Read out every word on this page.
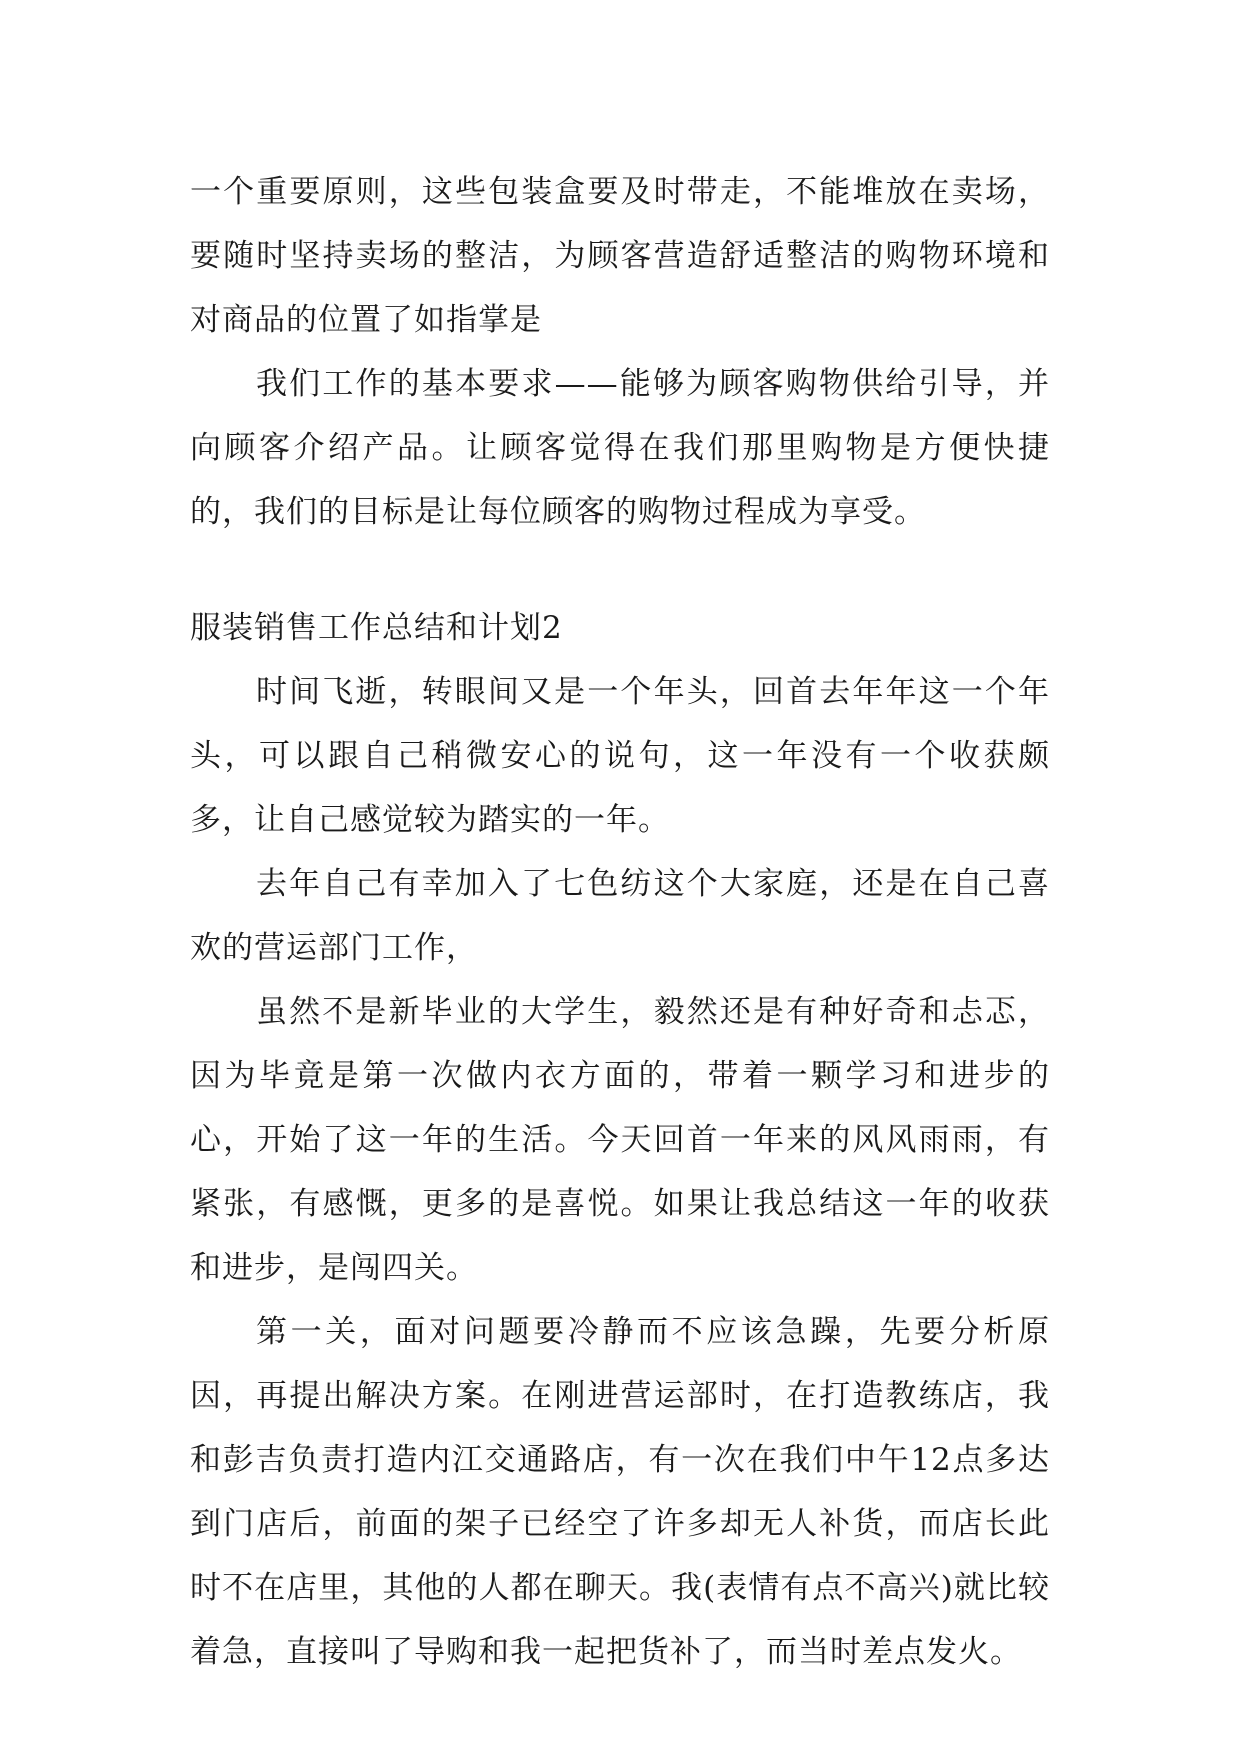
一个重要原则，这些包装盒要及时带走，不能堆放在卖场，要随时坚持卖场的整洁，为顾客营造舒适整洁的购物环境和对商品的位置了如指掌是

我们工作的基本要求——能够为顾客购物供给引导，并向顾客介绍产品。让顾客觉得在我们那里购物是方便快捷的，我们的目标是让每位顾客的购物过程成为享受。

服装销售工作总结和计划2

时间飞逝，转眼间又是一个年头，回首去年年这一个年头，可以跟自己稍微安心的说句，这一年没有一个收获颇多，让自己感觉较为踏实的一年。

去年自己有幸加入了七色纺这个大家庭，还是在自己喜欢的营运部门工作，

虽然不是新毕业的大学生，毅然还是有种好奇和忐忑，因为毕竟是第一次做内衣方面的，带着一颗学习和进步的心，开始了这一年的生活。今天回首一年来的风风雨雨，有紧张，有感慨，更多的是喜悦。如果让我总结这一年的收获和进步，是闯四关。

第一关，面对问题要冷静而不应该急躁，先要分析原因，再提出解决方案。在刚进营运部时，在打造教练店，我和彭吉负责打造内江交通路店，有一次在我们中午12点多达到门店后，前面的架子已经空了许多却无人补货，而店长此时不在店里，其他的人都在聊天。我(表情有点不高兴)就比较着急，直接叫了导购和我一起把货补了，而当时差点发火。
